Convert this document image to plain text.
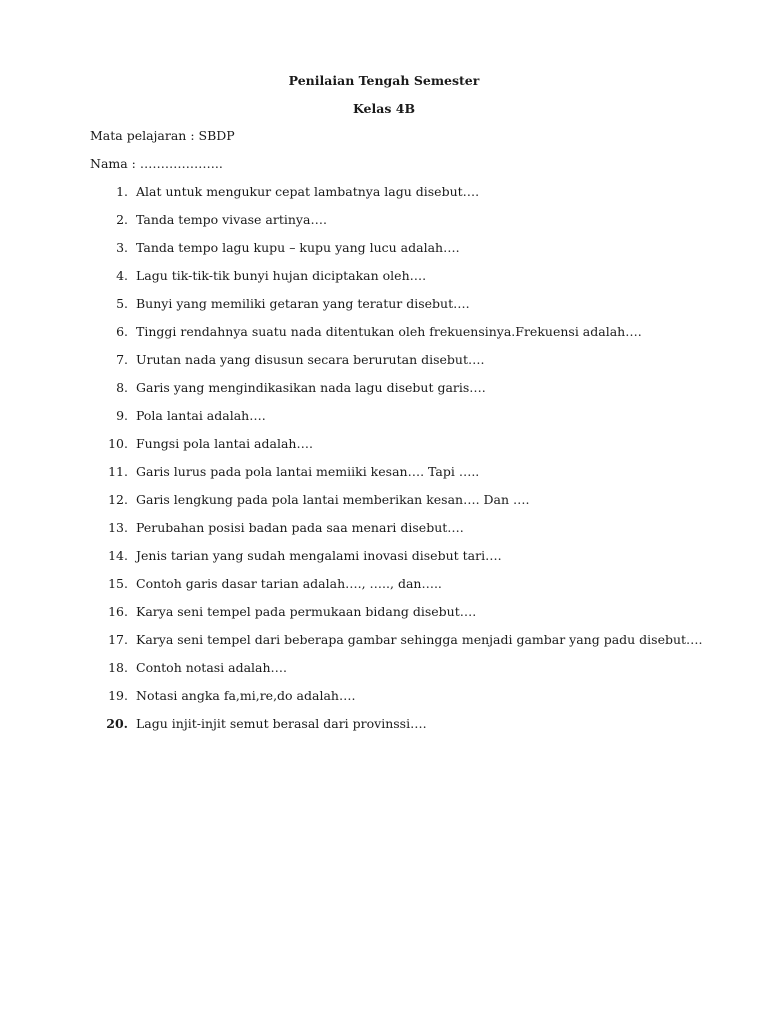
Penilaian Tengah Semester
Kelas 4B
Mata pelajaran : SBDP
Nama : ………………..
1. Alat untuk mengukur cepat lambatnya lagu disebut….
2. Tanda tempo vivase artinya….
3. Tanda tempo lagu kupu – kupu yang lucu adalah….
4. Lagu tik-tik-tik bunyi hujan diciptakan oleh….
5. Bunyi yang memiliki getaran yang teratur disebut….
6. Tinggi rendahnya suatu nada ditentukan oleh frekuensinya.Frekuensi adalah….
7. Urutan nada yang disusun secara berurutan disebut….
8. Garis yang mengindikasikan nada lagu disebut garis….
9. Pola lantai adalah….
10. Fungsi pola lantai adalah….
11. Garis lurus pada pola lantai memiiki kesan…. Tapi …..
12. Garis lengkung pada pola lantai memberikan kesan…. Dan ….
13. Perubahan posisi badan pada saa menari disebut….
14. Jenis tarian yang sudah mengalami inovasi disebut tari….
15. Contoh garis dasar tarian adalah…., ….., dan…..
16. Karya seni tempel pada permukaan bidang disebut….
17. Karya seni tempel dari beberapa gambar sehingga menjadi gambar yang padu disebut….
18. Contoh notasi adalah….
19. Notasi angka fa,mi,re,do adalah….
20. Lagu injit-injit semut berasal dari provinssi….
